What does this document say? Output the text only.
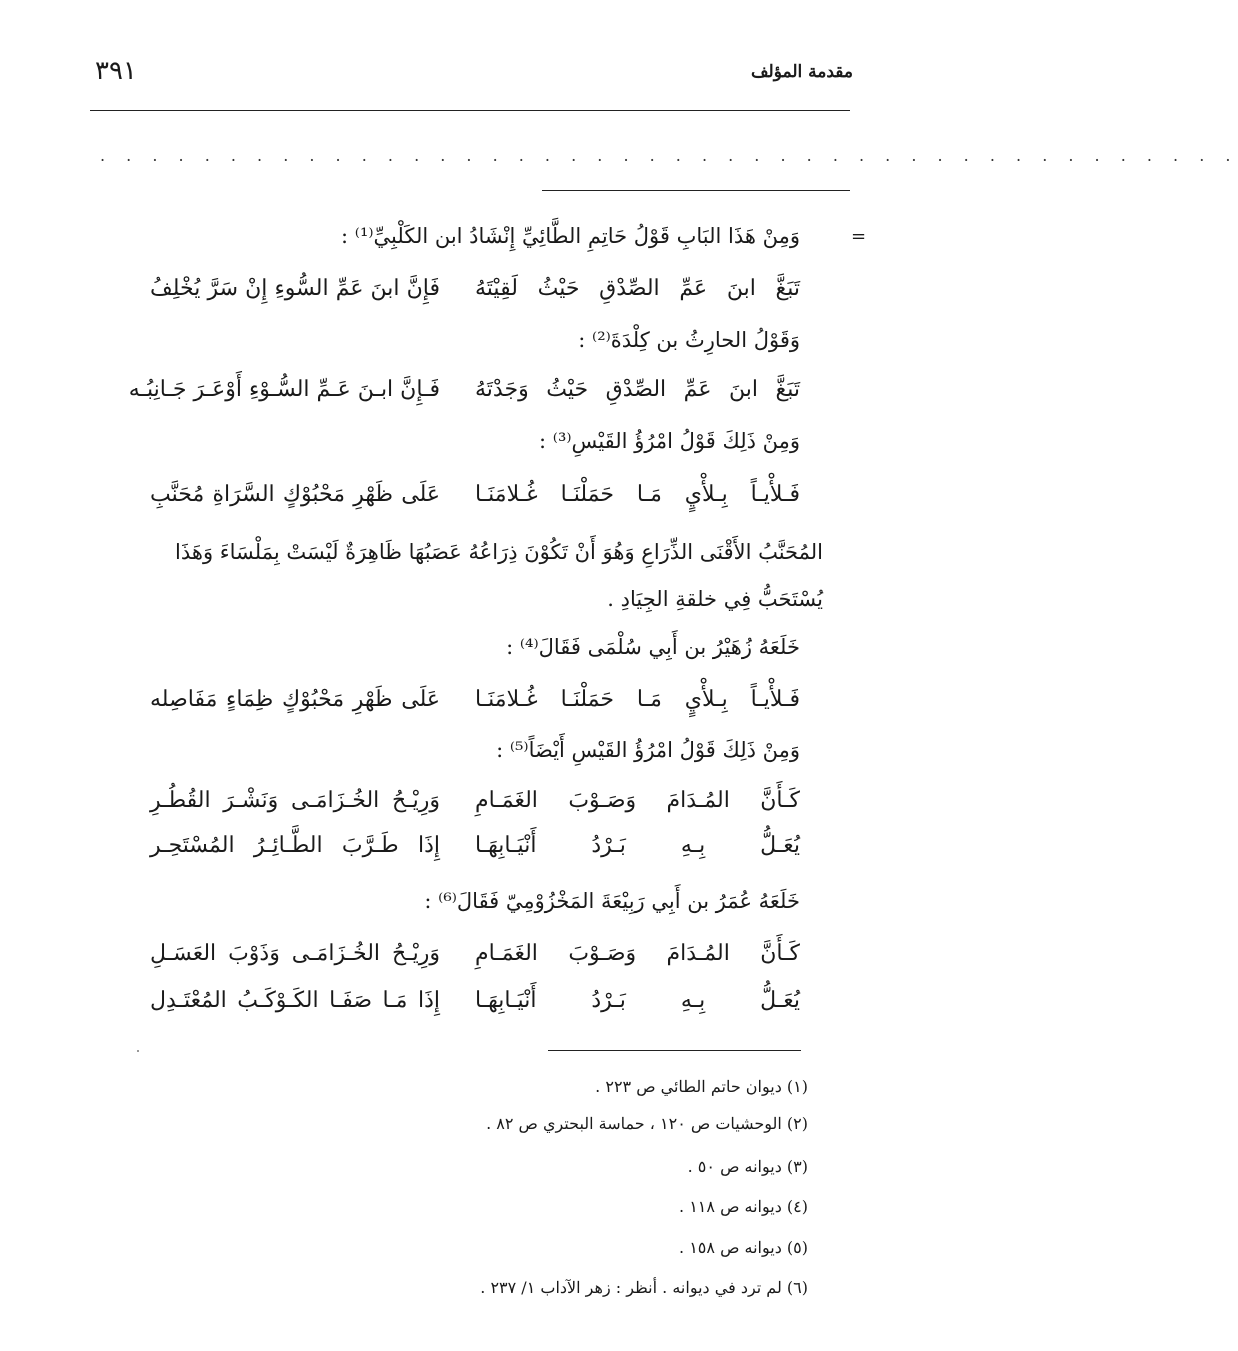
مقدمة المؤلف
٣٩١
. . . . . . . . . . . . . . . . . . . . . . . . . . . . . . . . . . . . . . . . . . . .
=
وَمِنْ هَذَا البَابِ قَوْلُ حَاتِمِ الطَّائِيِّ إِنْشَادُ ابن الكَلْبِيِّ⁽¹⁾ :
تَبَغَّ ابنَ عَمِّ الصِّدْقِ حَيْثُ لَقِيْتَهُ
فَإِنَّ ابنَ عَمِّ السُّوءِ إِنْ سَرَّ يُخْلِفُ
وَقَوْلُ الحارِثُ بن كِلْدَةَ⁽²⁾ :
تَبَغَّ ابنَ عَمِّ الصِّدْقِ حَيْثُ وَجَدْتَهُ
فَـإِنَّ ابـنَ عَـمِّ السُّـوْءِ أَوْعَـرَ جَـانِبُـه
وَمِنْ ذَلِكَ قَوْلُ امْرُؤُ القَيْسِ⁽³⁾ :
فَـلأْيـاً بِـلأْيٍ مَـا حَمَلْنَـا غُـلامَنَـا
عَلَى ظَهْرِ مَحْبُوْكٍ السَّرَاةِ مُحَنَّبِ
المُحَنَّبُ الأَقْنَى الذِّرَاعِ وَهُوَ أَنْ تَكُوْنَ ذِرَاعُهُ عَصَبُهَا ظَاهِرَةٌ لَيْسَتْ بِمَلْسَاءَ وَهَذَا
يُسْتَحَبُّ فِي خلقةِ الجِيَادِ .
خَلَعَهُ زُهَيْرُ بن أَبِي سُلْمَى فَقَالَ⁽⁴⁾ :
فَـلأْيـاً بِـلأْيٍ مَـا حَمَلْنَـا غُـلامَنَـا
عَلَى ظَهْرِ مَحْبُوْكٍ ظِمَاءٍ مَفَاصِله
وَمِنْ ذَلِكَ قَوْلُ امْرُؤُ القَيْسِ أَيْضَاً⁽⁵⁾ :
كَـأَنَّ المُـدَامَ وَصَـوْبَ الغَمَـامِ
وَرِيْـحُ الخُـزَامَـى وَنَشْـرَ القُطُـرِ
يُعَـلُّ بِـهِ بَـرْدُ أَنْيَـابِهَـا
إِذَا طَـرَّبَ الطَّـائِـرُ المُسْتَحِـر
خَلَعَهُ عُمَرُ بن أَبِي رَبِيْعَةَ المَخْزُوْمِيّ فَقَالَ⁽⁶⁾ :
كَـأَنَّ المُـدَامَ وَصَـوْبَ الغَمَـامِ
وَرِيْـحُ الخُـزَامَـى وَذَوْبَ العَسَـلِ
يُعَـلُّ بِـهِ بَـرْدُ أَنْيَـابِهَـا
إِذَا مَـا صَفَـا الكَـوْكَـبُ المُعْتَـدِل
(١) ديوان حاتم الطائي ص ٢٢٣ .
(٢) الوحشيات ص ١٢٠ ، حماسة البحتري ص ٨٢ .
(٣) ديوانه ص ٥٠ .
(٤) ديوانه ص ١١٨ .
(٥) ديوانه ص ١٥٨ .
(٦) لم ترد في ديوانه . أنظر : زهر الآداب ١/ ٢٣٧ .
